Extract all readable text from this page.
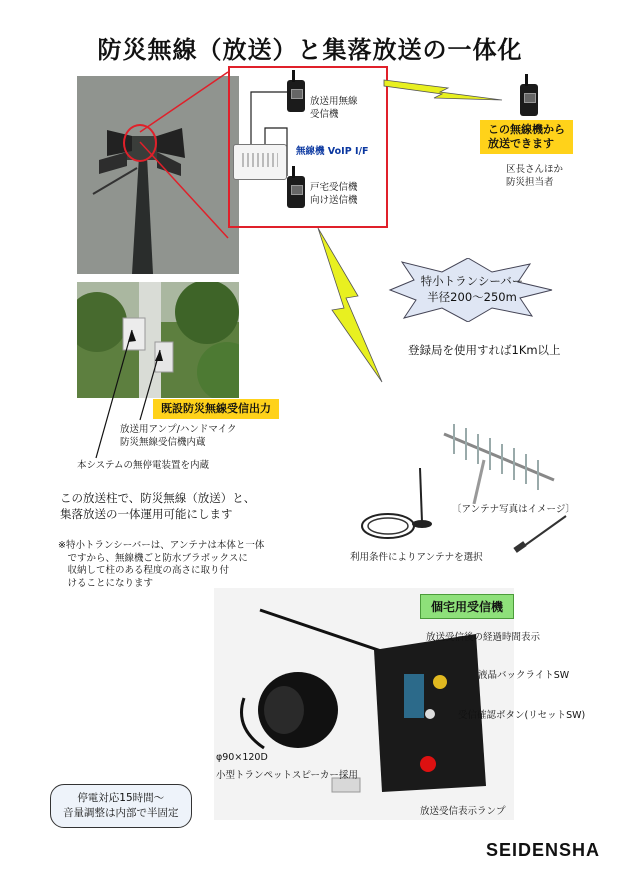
防災無線（放送）と集落放送の一体化
放送用無線
受信機
無線機 VoIP I/F
戸宅受信機
向け送信機
この無線機から
放送できます
区長さんほか
防災担当者
特小トランシーバー
半径200～250m
登録局を使用すれば1Km以上
既設防災無線受信出力
放送用アンプ/ハンドマイク
防災無線受信機内蔵
本システムの無停電装置を内蔵
この放送柱で、防災無線（放送）と、
集落放送の一体運用可能にします
※特小トランシーバーは、アンテナは本体と一体
　ですから、無線機ごと防水ブラボックスに
　収納して柱のある程度の高さに取り付
　けることになります
〔アンテナ写真はイメージ〕
利用条件によりアンテナを選択
個宅用受信機
放送受信後の経過時間表示
液晶バックライトSW
受信確認ボタン(リセットSW)
φ90×120D
小型トランペットスピーカー採用
放送受信表示ランプ
停電対応15時間～
音量調整は内部で半固定
SEIDENSHA
